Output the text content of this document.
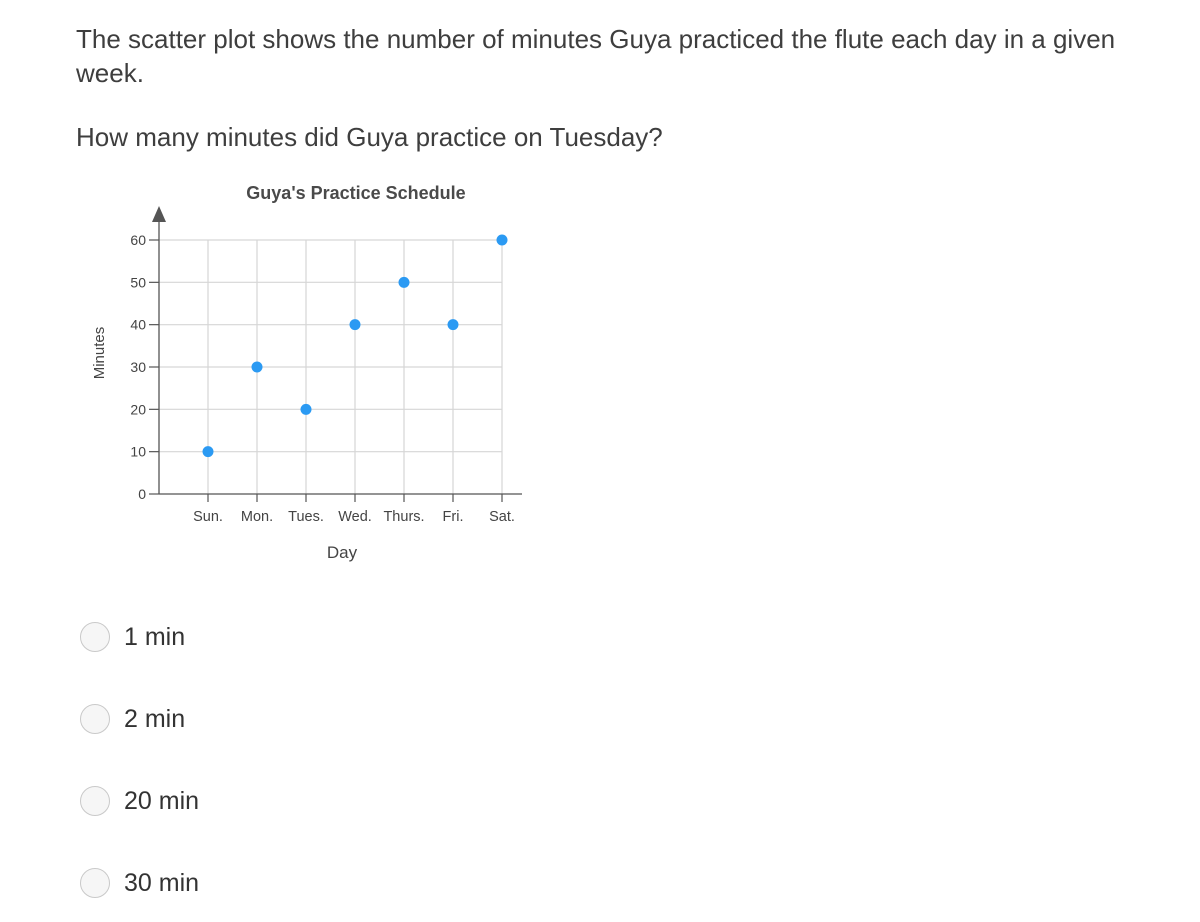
The scatter plot shows the number of minutes Guya practiced the flute each day in a given week.

How many minutes did Guya practice on Tuesday?

0
10
20
30
40
50
60
Sun. Mon. Tues. Wed. Thurs. Fri. Sat.
Guya's Practice Schedule
Day
Minutes
1 min
2 min
20 min
30 min
